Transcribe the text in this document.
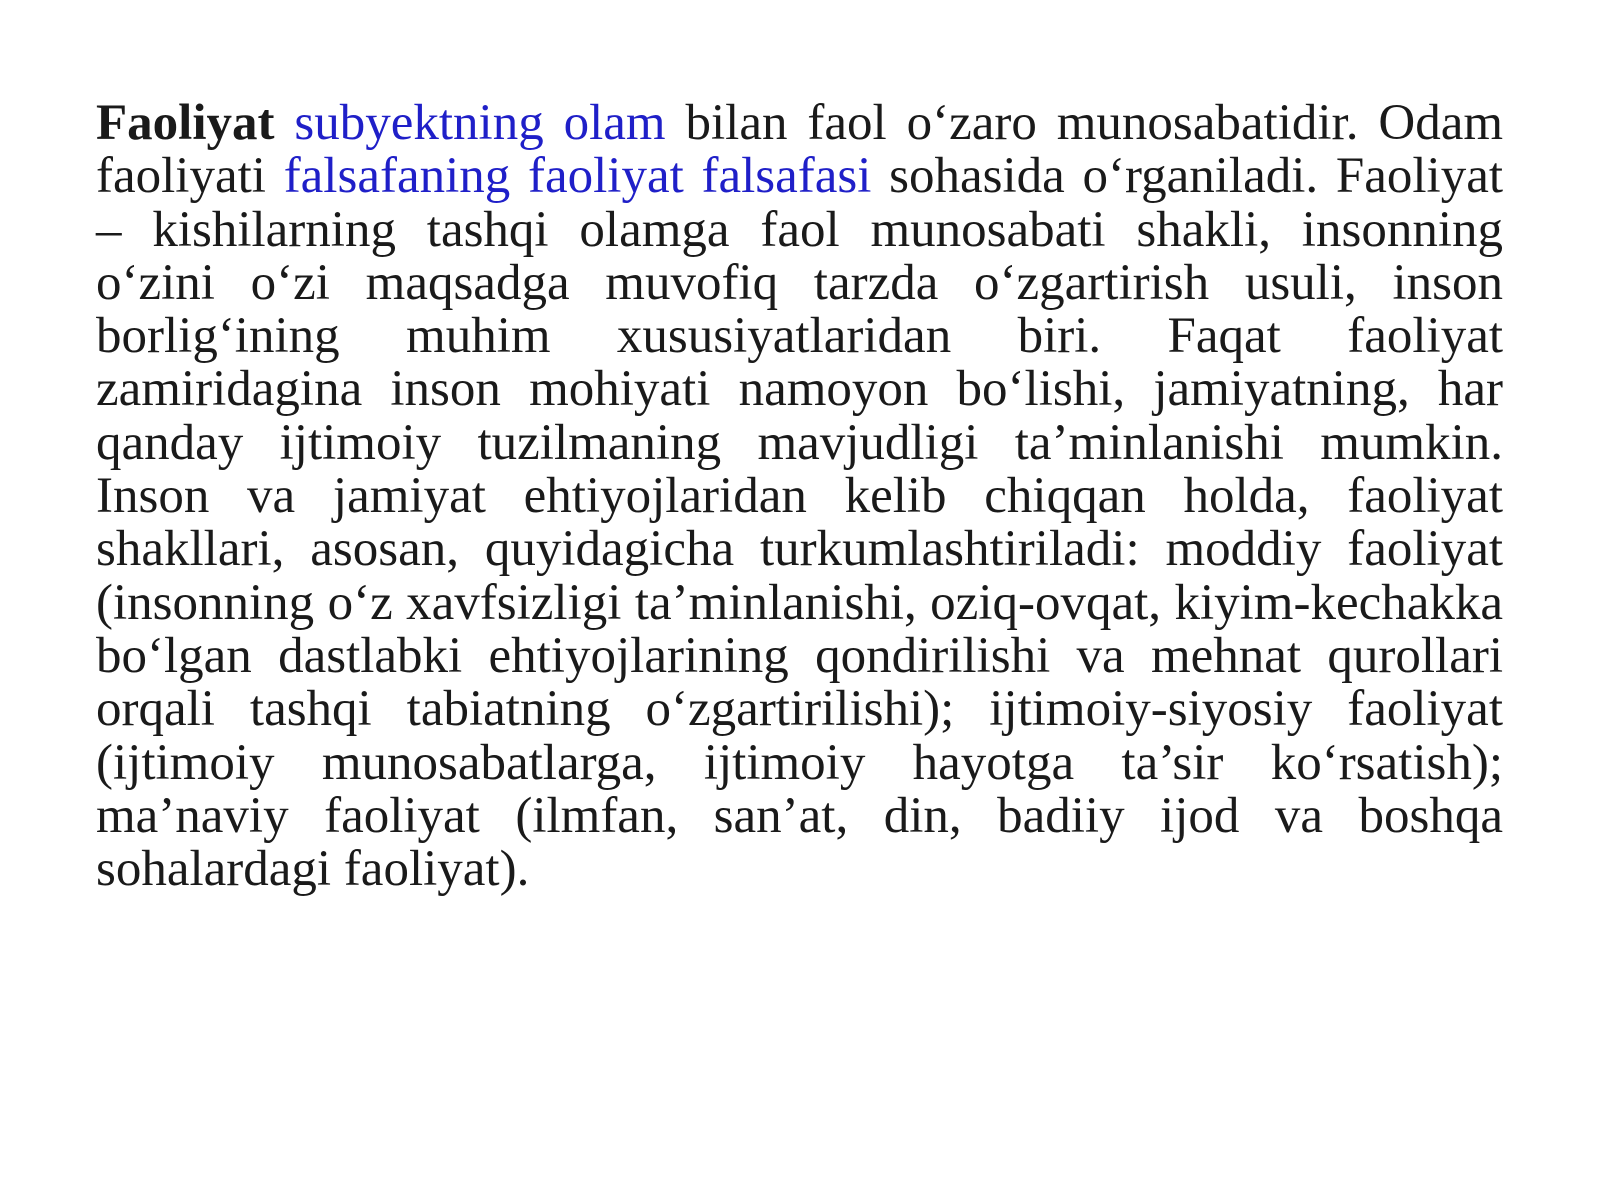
Faoliyat subyektning olam bilan faol o‘zaro munosabatidir. Odam faoliyati falsafaning faoliyat falsafasi sohasida o‘rganiladi. Faoliyat – kishilarning tashqi olamga faol munosabati shakli, insonning o‘zini o‘zi maqsadga muvofiq tarzda o‘zgartirish usuli, inson borlig‘ining muhim xususiyatlaridan biri. Faqat faoliyat zamiridagina inson mohiyati namoyon bo‘lishi, jamiyatning, har qanday ijtimoiy tuzilmaning mavjudligi ta’minlanishi mumkin. Inson va jamiyat ehtiyojlaridan kelib chiqqan holda, faoliyat shakllari, asosan, quyidagicha turkumlashtiriladi: moddiy faoliyat (insonning o‘z xavfsizligi ta’minlanishi, oziq-ovqat, kiyim-kechakka bo‘lgan dastlabki ehtiyojlarining qondirilishi va mehnat qurollari orqali tashqi tabiatning o‘zgartirilishi); ijtimoiy-siyosiy faoliyat (ijtimoiy munosabatlarga, ijtimoiy hayotga ta’sir ko‘rsatish); ma’naviy faoliyat (ilmfan, san’at, din, badiiy ijod va boshqa sohalardagi faoliyat).
